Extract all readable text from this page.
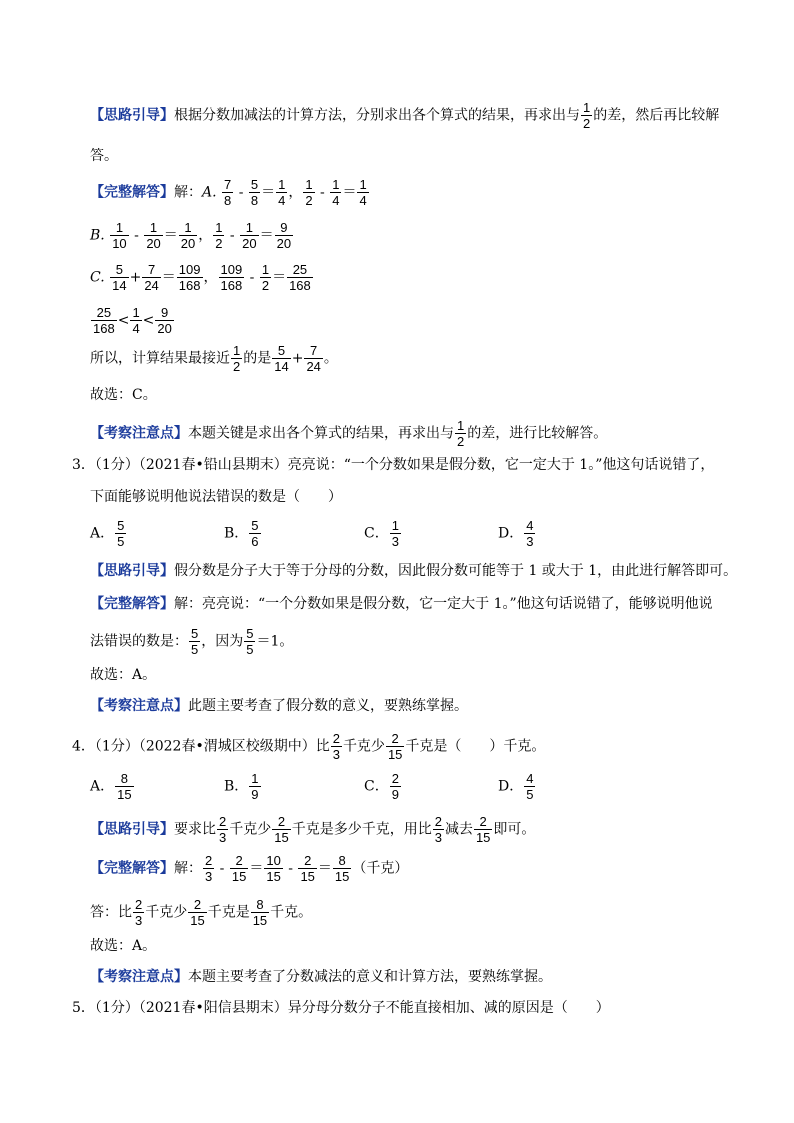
【思路引导】根据分数加减法的计算方法，分别求出各个算式的结果，再求出与 $\frac{1}{2}$ 的差，然后再比较解
答。
【完整解答】解：A. $\frac{7}{8} - \frac{5}{8} = \frac{1}{4}$ ， $\frac{1}{2} - \frac{1}{4} = \frac{1}{4}$
B. $\frac{1}{10} - \frac{1}{20} = \frac{1}{20}$ ， $\frac{1}{2} - \frac{1}{20} = \frac{9}{20}$
C. $\frac{5}{14} + \frac{7}{24} = \frac{109}{168}$ ， $\frac{109}{168} - \frac{1}{2} = \frac{25}{168}$
$\frac{25}{168} < \frac{1}{4} < \frac{9}{20}$
所以，计算结果最接近 $\frac{1}{2}$ 的是 $\frac{5}{14} + \frac{7}{24}$ 。
故选：C。
【考察注意点】本题关键是求出各个算式的结果，再求出与 $\frac{1}{2}$ 的差，进行比较解答。
3．（1分）（2021春•铅山县期末）亮亮说：“一个分数如果是假分数，它一定大于 1。”他这句话说错了，
下面能够说明他说法错误的数是（　　）
A． $\frac{5}{5}$	B． $\frac{5}{6}$	C． $\frac{1}{3}$	D． $\frac{4}{3}$
【思路引导】假分数是分子大于等于分母的分数，因此假分数可能等于 1 或大于 1，由此进行解答即可。
【完整解答】解：亮亮说：“一个分数如果是假分数，它一定大于 1。”他这句话说错了，能够说明他说
法错误的数是： $\frac{5}{5}$ ，因为 $\frac{5}{5} =1$。
故选：A。
【考察注意点】此题主要考查了假分数的意义，要熟练掌握。
4．（1分）（2022春•渭城区校级期中）比 $\frac{2}{3}$ 千克少 $\frac{2}{15}$ 千克是（　　）千克。
A． $\frac{8}{15}$	B． $\frac{1}{9}$	C． $\frac{2}{9}$	D． $\frac{4}{5}$
【思路引导】要求比 $\frac{2}{3}$ 千克少 $\frac{2}{15}$ 千克是多少千克，用比 $\frac{2}{3}$ 减去 $\frac{2}{15}$ 即可。
【完整解答】解： $\frac{2}{3} - \frac{2}{15} = \frac{10}{15} - \frac{2}{15} = \frac{8}{15}$ （千克）
答：比 $\frac{2}{3}$ 千克少 $\frac{2}{15}$ 千克是 $\frac{8}{15}$ 千克。
故选：A。
【考察注意点】本题主要考查了分数减法的意义和计算方法，要熟练掌握。
5．（1分）（2021春•阳信县期末）异分母分数分子不能直接相加、减的原因是（　　）
